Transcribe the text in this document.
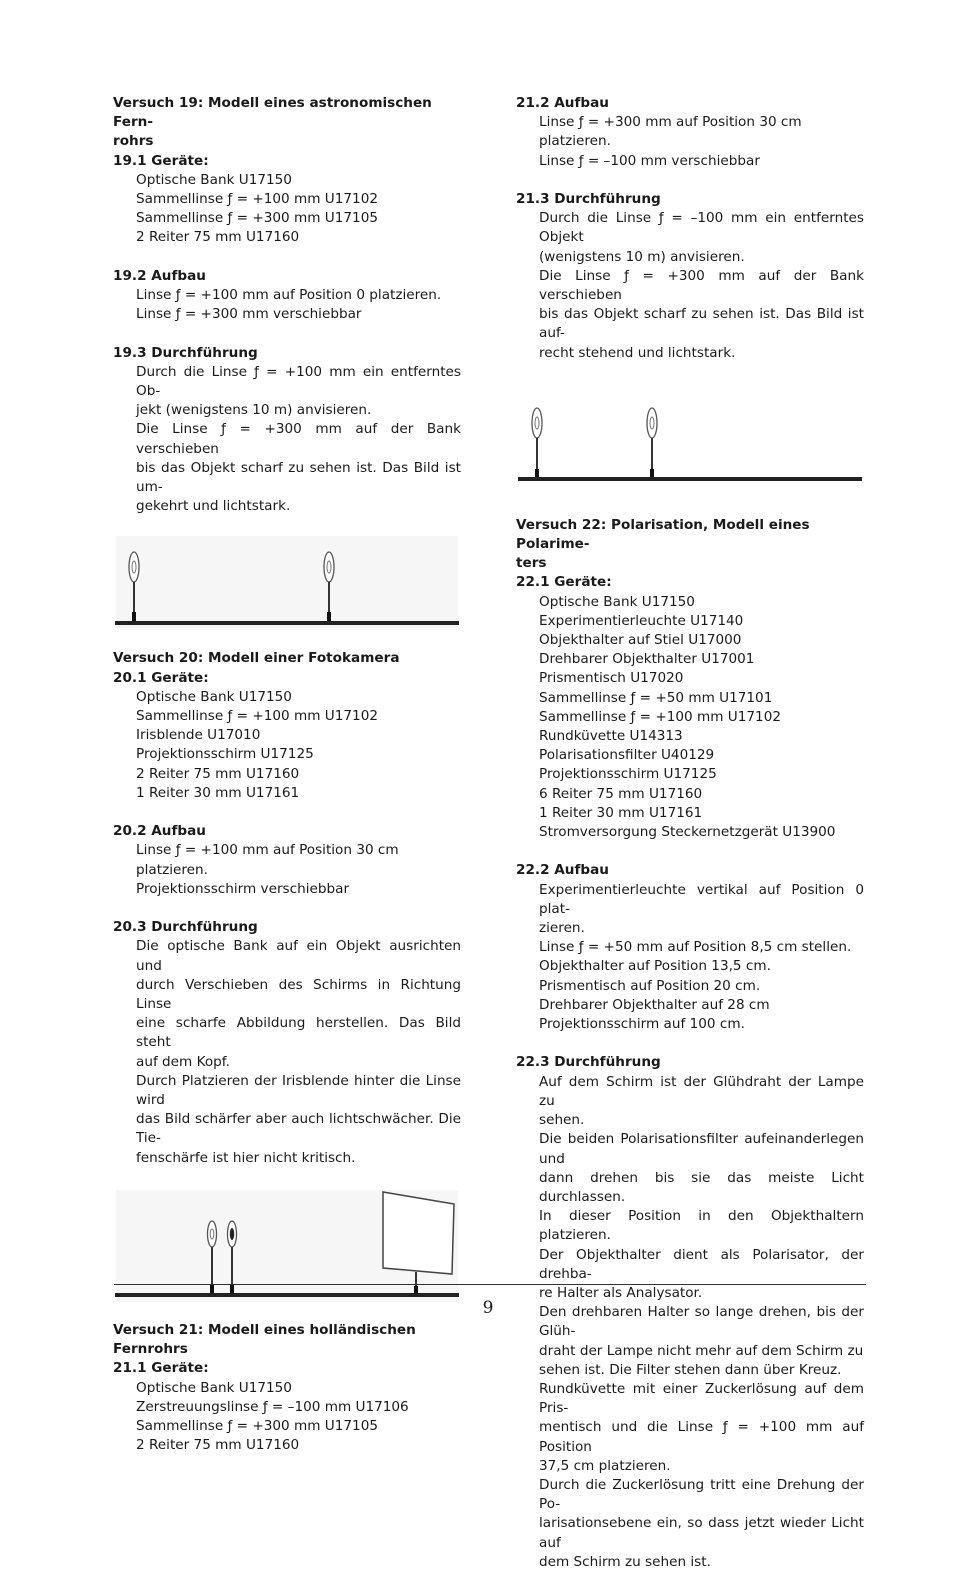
Versuch 19: Modell eines astronomischen Fern-
rohrs
19.1 Geräte:
Optische Bank U17150
Sammellinse ƒ = +100 mm U17102
Sammellinse ƒ = +300 mm U17105
2 Reiter 75 mm U17160
19.2 Aufbau
Linse ƒ = +100 mm auf Position 0 platzieren.
Linse ƒ = +300 mm verschiebbar
19.3 Durchführung
Durch die Linse ƒ = +100 mm ein entferntes Ob-
jekt (wenigstens 10 m) anvisieren.
Die Linse ƒ = +300 mm auf der Bank verschieben
bis das Objekt scharf zu sehen ist. Das Bild ist um-
gekehrt und lichtstark.
Versuch 20: Modell einer Fotokamera
20.1 Geräte:
Optische Bank U17150
Sammellinse ƒ = +100 mm U17102
Irisblende U17010
Projektionsschirm U17125
2 Reiter 75 mm U17160
1 Reiter 30 mm U17161
20.2 Aufbau
Linse ƒ = +100 mm auf Position 30 cm platzieren.
Projektionsschirm verschiebbar
20.3 Durchführung
Die optische Bank auf ein Objekt ausrichten und
durch Verschieben des Schirms in Richtung Linse
eine scharfe Abbildung herstellen. Das Bild steht
auf dem Kopf.
Durch Platzieren der Irisblende hinter die Linse wird
das Bild schärfer aber auch lichtschwächer. Die Tie-
fenschärfe ist hier nicht kritisch.
Versuch 21: Modell eines holländischen Fernrohrs
21.1 Geräte:
Optische Bank U17150
Zerstreuungslinse ƒ = –100 mm U17106
Sammellinse ƒ = +300 mm U17105
2 Reiter 75 mm U17160
21.2 Aufbau
Linse ƒ = +300 mm auf Position 30 cm platzieren.
Linse ƒ = –100 mm verschiebbar
21.3 Durchführung
Durch die Linse ƒ = –100 mm ein entferntes Objekt
(wenigstens 10 m) anvisieren.
Die Linse ƒ = +300 mm auf der Bank verschieben
bis das Objekt scharf zu sehen ist. Das Bild ist auf-
recht stehend und lichtstark.
Versuch 22: Polarisation, Modell eines Polarime-
ters
22.1 Geräte:
Optische Bank U17150
Experimentierleuchte U17140
Objekthalter auf Stiel U17000
Drehbarer Objekthalter U17001
Prismentisch U17020
Sammellinse ƒ = +50 mm U17101
Sammellinse ƒ = +100 mm U17102
Rundküvette U14313
Polarisationsfilter U40129
Projektionsschirm U17125
6 Reiter 75 mm U17160
1 Reiter 30 mm U17161
Stromversorgung Steckernetzgerät U13900
22.2 Aufbau
Experimentierleuchte vertikal auf Position 0 plat-
zieren.
Linse ƒ = +50 mm auf Position 8,5 cm stellen.
Objekthalter auf Position 13,5 cm.
Prismentisch auf Position 20 cm.
Drehbarer Objekthalter auf 28 cm
Projektionsschirm auf 100 cm.
22.3 Durchführung
Auf dem Schirm ist der Glühdraht der Lampe zu
sehen.
Die beiden Polarisationsfilter aufeinanderlegen und
dann drehen bis sie das meiste Licht durchlassen.
In dieser Position in den Objekthaltern platzieren.
Der Objekthalter dient als Polarisator, der drehba-
re Halter als Analysator.
Den drehbaren Halter so lange drehen, bis der Glüh-
draht der Lampe nicht mehr auf dem Schirm zu
sehen ist. Die Filter stehen dann über Kreuz.
Rundküvette mit einer Zuckerlösung auf dem Pris-
mentisch und die Linse ƒ = +100 mm auf Position
37,5 cm platzieren.
Durch die Zuckerlösung tritt eine Drehung der Po-
larisationsebene ein, so dass jetzt wieder Licht auf
dem Schirm zu sehen ist.
9
